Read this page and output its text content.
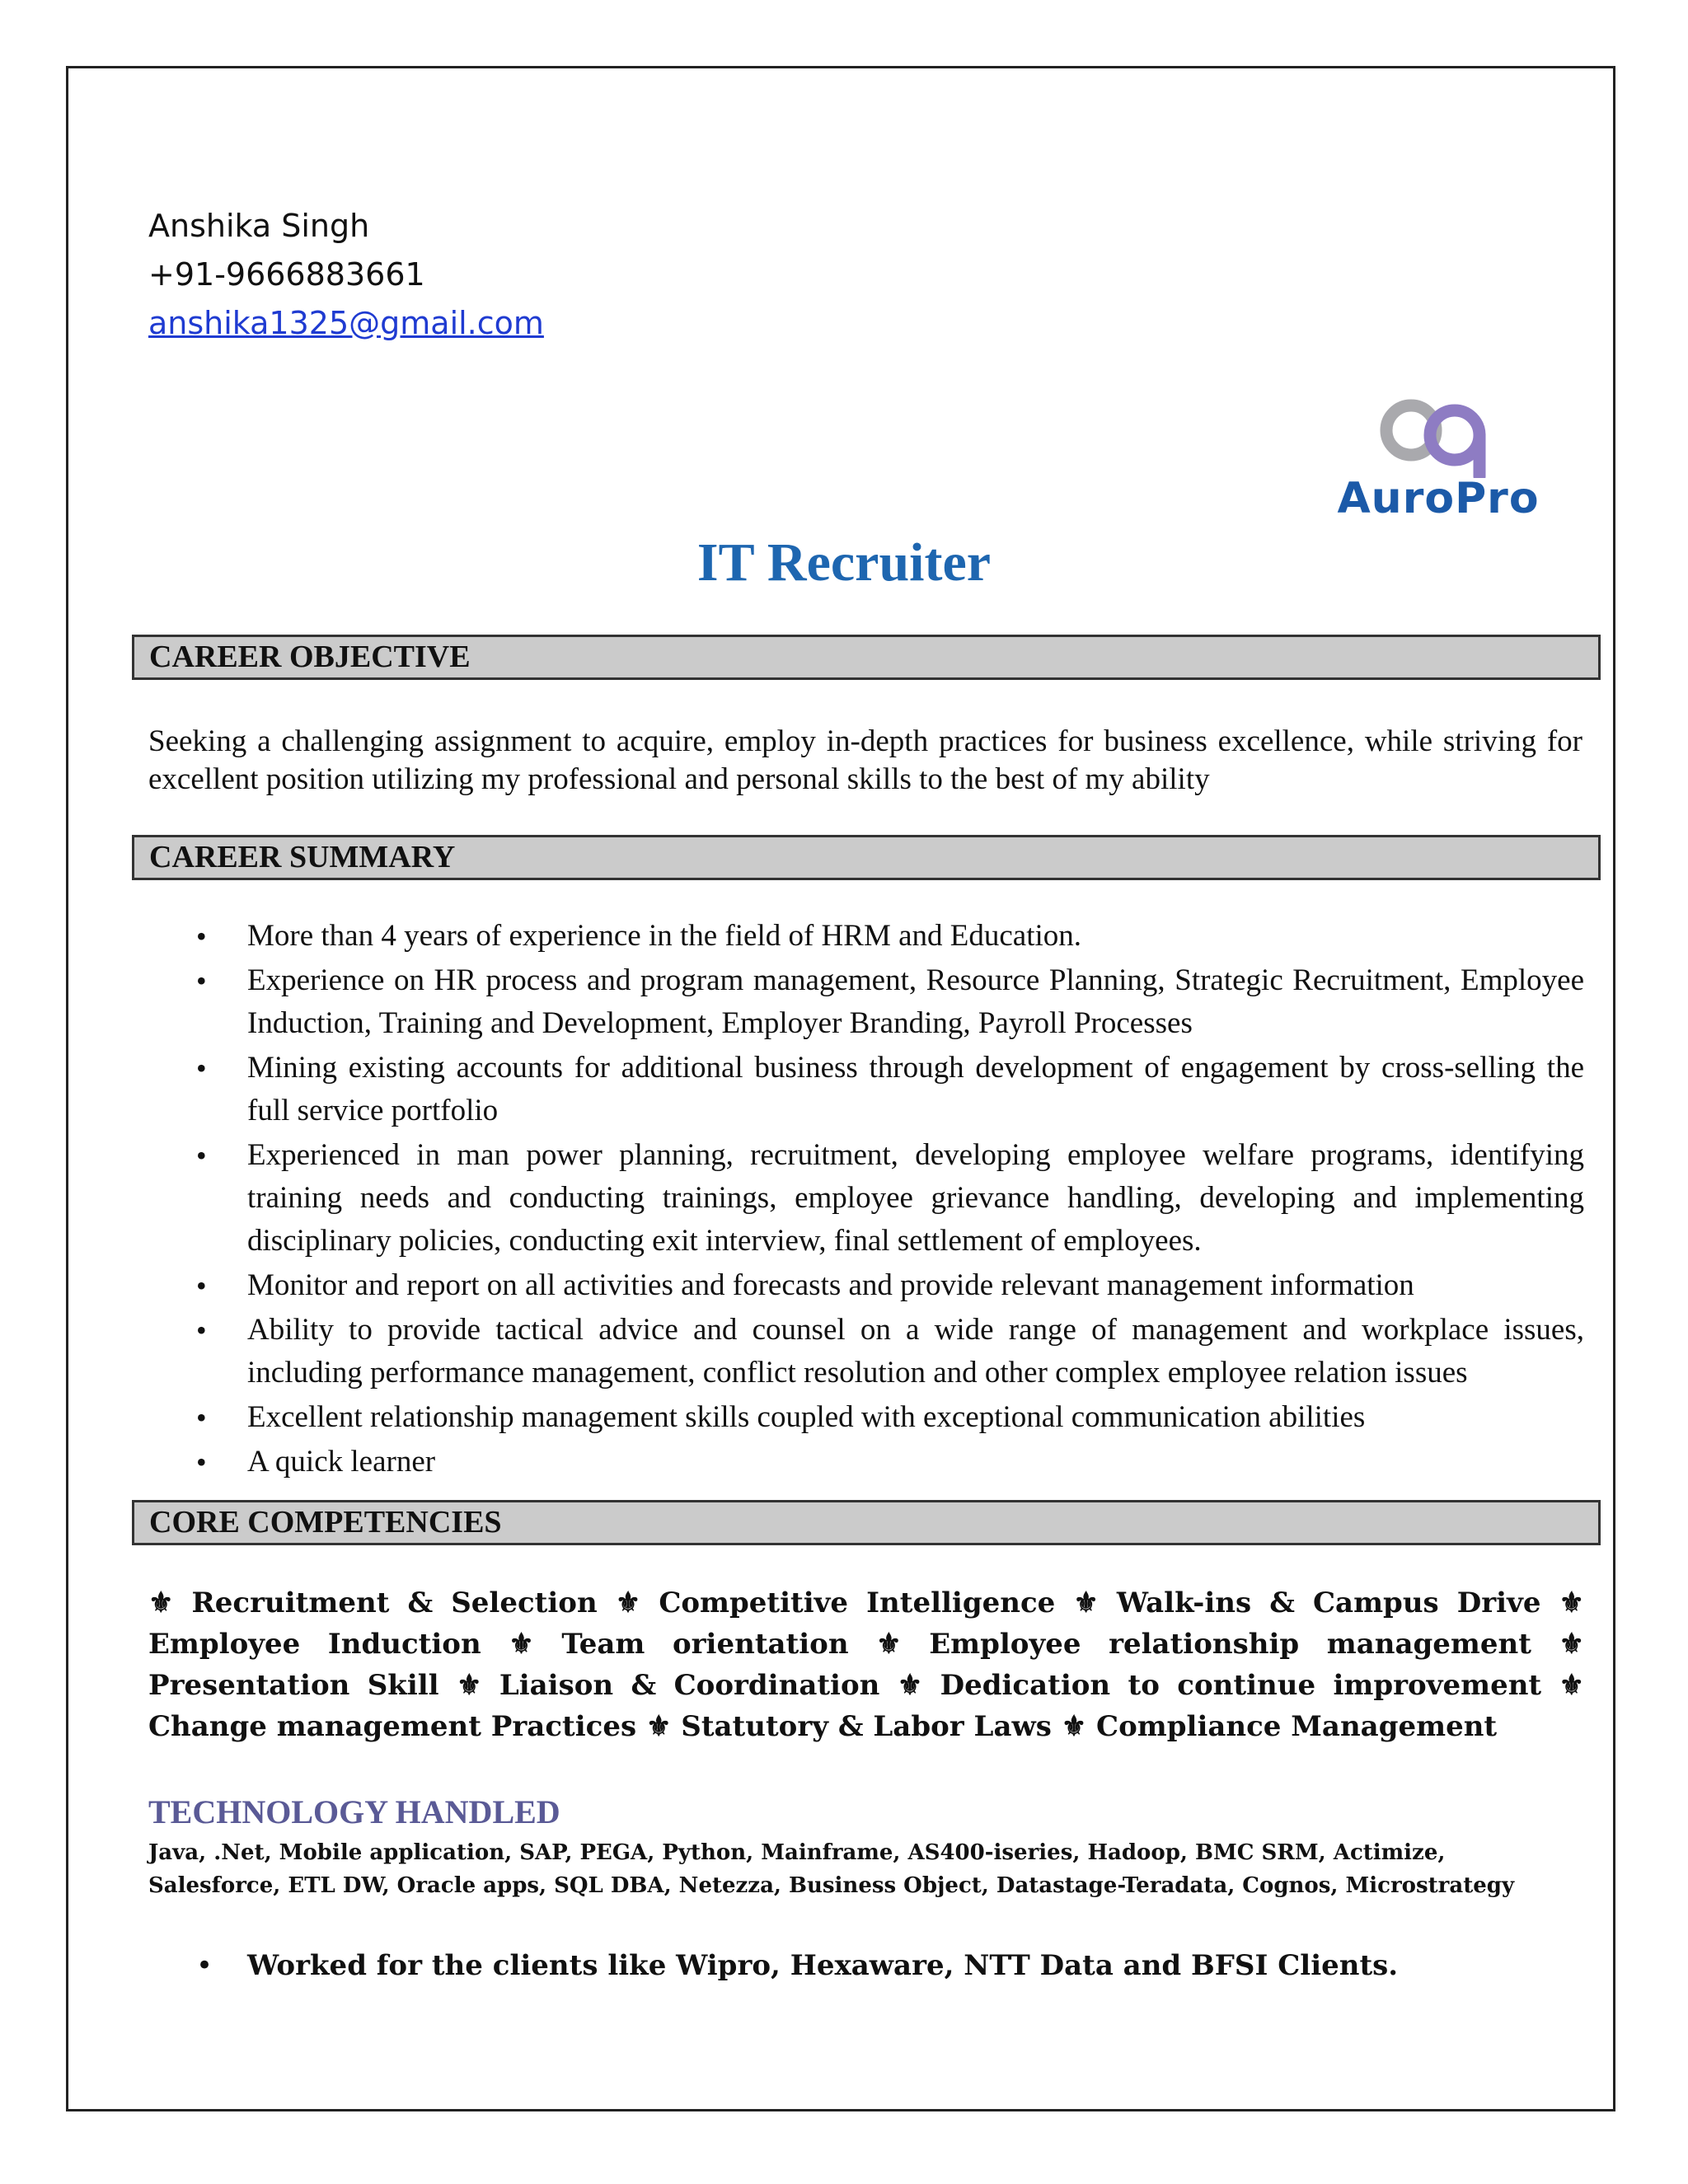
Anshika Singh
+91-9666883661
anshika1325@gmail.com
AuroPro
IT Recruiter
CAREER OBJECTIVE
Seeking a challenging assignment to acquire, employ in-depth practices for business excellence, while striving for excellent position utilizing my professional and personal skills to the best of my ability
CAREER SUMMARY
• More than 4 years of experience in the field of HRM and Education.
• Experience on HR process and program management, Resource Planning, Strategic Recruitment, Employee Induction, Training and Development, Employer Branding, Payroll Processes
• Mining existing accounts for additional business through development of engagement by cross-selling the full service portfolio
• Experienced in man power planning, recruitment, developing employee welfare programs, identifying training needs and conducting trainings, employee grievance handling, developing and implementing disciplinary policies, conducting exit interview, final settlement of employees.
• Monitor and report on all activities and forecasts and provide relevant management information
• Ability to provide tactical advice and counsel on a wide range of management and workplace issues, including performance management, conflict resolution and other complex employee relation issues
• Excellent relationship management skills coupled with exceptional communication abilities
• A quick learner
CORE COMPETENCIES
⚜ Recruitment & Selection ⚜ Competitive Intelligence ⚜ Walk-ins & Campus Drive ⚜ Employee Induction ⚜ Team orientation ⚜ Employee relationship management ⚜ Presentation Skill ⚜ Liaison & Coordination ⚜ Dedication to continue improvement ⚜ Change management Practices ⚜ Statutory & Labor Laws ⚜ Compliance Management
TECHNOLOGY HANDLED
Java, .Net, Mobile application, SAP, PEGA, Python, Mainframe, AS400-iseries, Hadoop, BMC SRM, Actimize, Salesforce, ETL DW, Oracle apps, SQL DBA, Netezza, Business Object, Datastage-Teradata, Cognos, Microstrategy
• Worked for the clients like Wipro, Hexaware, NTT Data and BFSI Clients.
